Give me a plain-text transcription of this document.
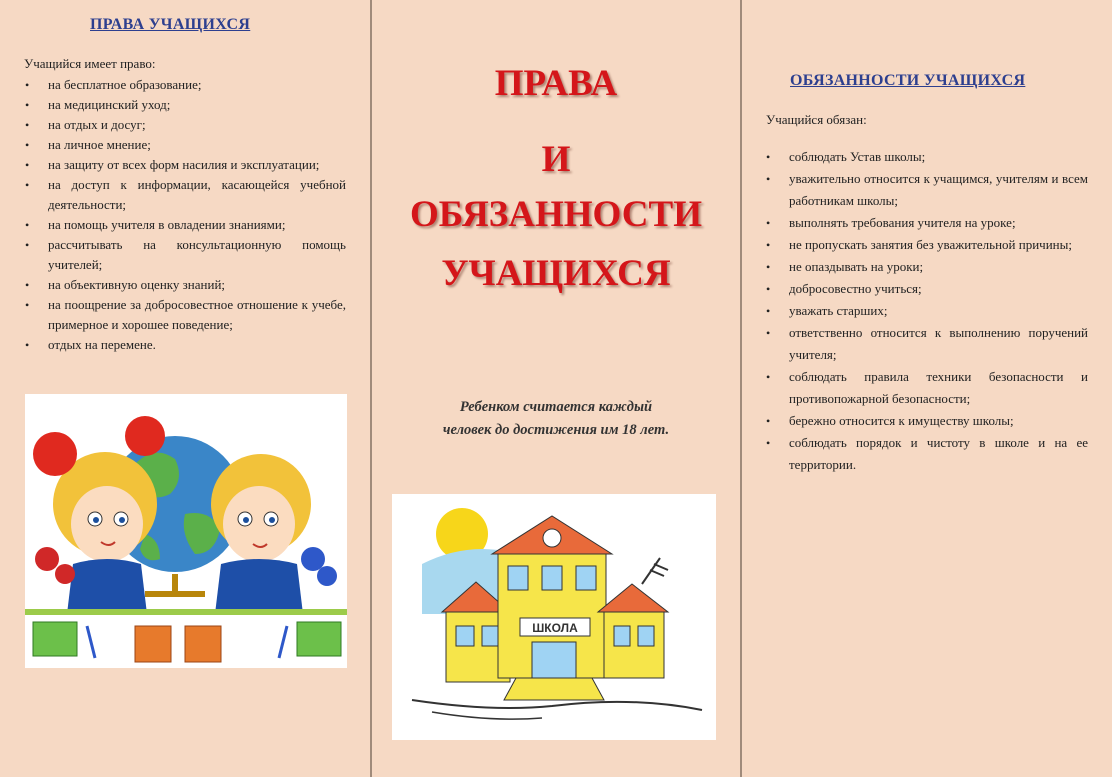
ПРАВА УЧАЩИХСЯ
Учащийся имеет право:
• на бесплатное образование;
• на медицинский уход;
• на отдых и досуг;
• на личное мнение;
• на защиту от всех форм насилия и эксплуатации;
• на доступ к информации, касающейся учебной деятельности;
• на помощь учителя в овладении знаниями;
• рассчитывать на консультационную помощь учителей;
• на объективную оценку знаний;
• на поощрение за добросовестное отношение к учебе, примерное и хорошее поведение;
• отдых на перемене.
ПРАВА
И
ОБЯЗАННОСТИ
УЧАЩИХСЯ
Ребенком считается каждый
человек до достижения им 18 лет.
ШКОЛА
ОБЯЗАННОСТИ УЧАЩИХСЯ
Учащийся обязан:
• соблюдать Устав школы;
• уважительно относится к учащимся, учителям и всем работникам школы;
• выполнять требования учителя на уроке;
• не пропускать занятия без уважительной причины;
• не опаздывать на уроки;
• добросовестно учиться;
• уважать старших;
• ответственно относится к выполнению поручений учителя;
• соблюдать правила техники безопасности и противопожарной безопасности;
• бережно относится к имуществу школы;
• соблюдать порядок и чистоту в школе и на ее территории.
